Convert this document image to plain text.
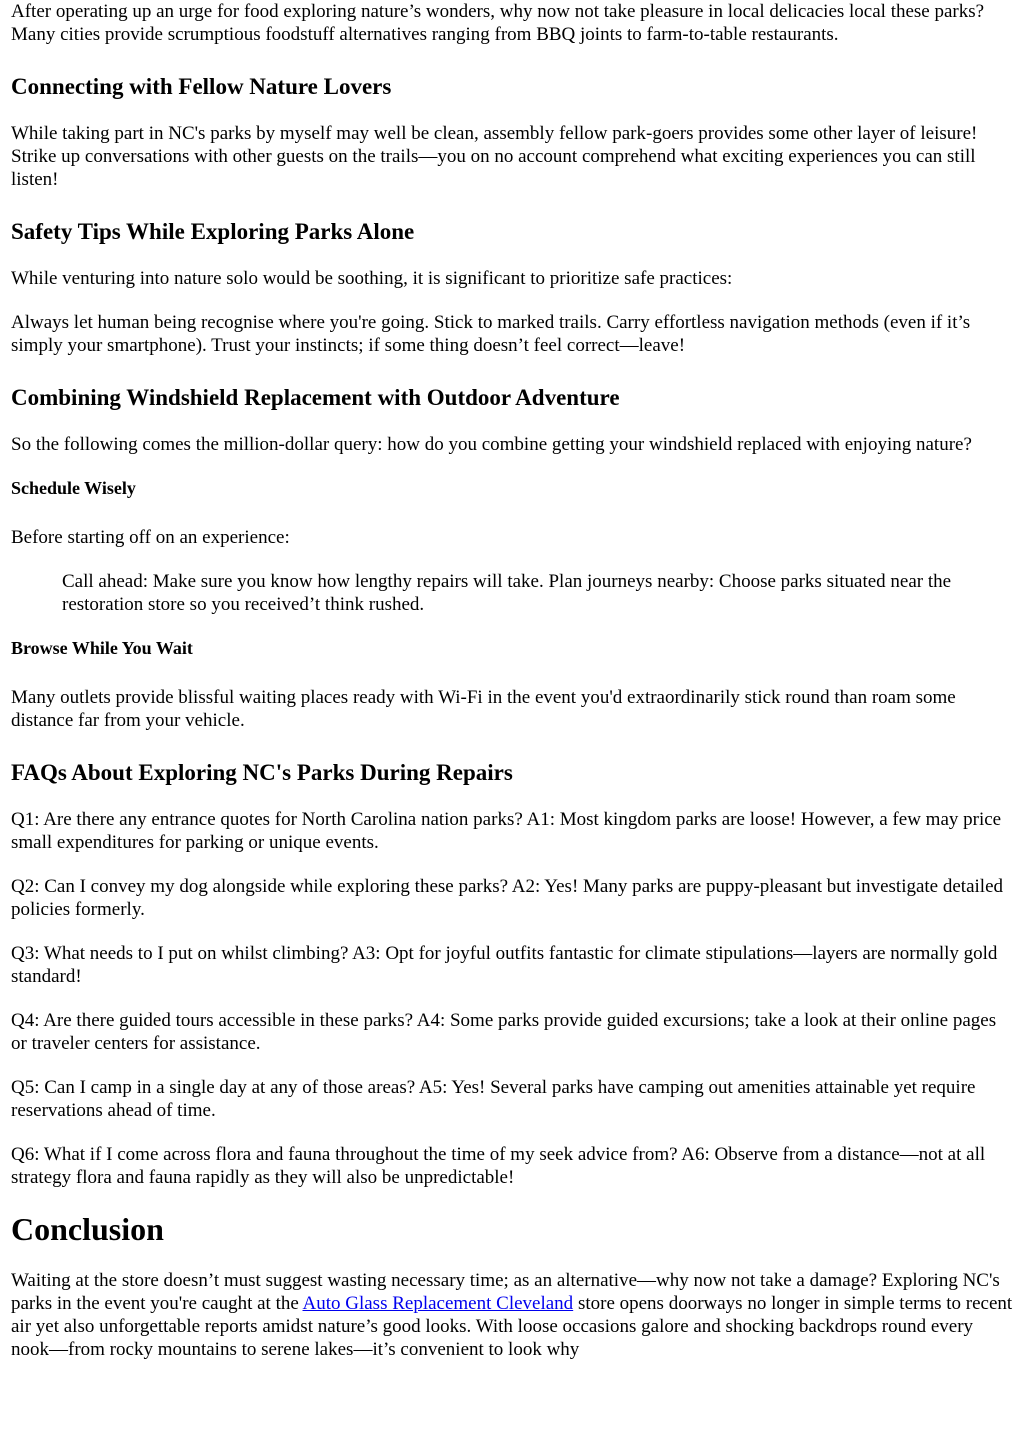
After operating up an urge for food exploring nature’s wonders, why now not take pleasure in local delicacies local these parks? Many cities provide scrumptious foodstuff alternatives ranging from BBQ joints to farm-to-table restaurants.

Connecting with Fellow Nature Lovers

While taking part in NC's parks by myself may well be clean, assembly fellow park-goers provides some other layer of leisure! Strike up conversations with other guests on the trails—you on no account comprehend what exciting experiences you can still listen!

Safety Tips While Exploring Parks Alone

While venturing into nature solo would be soothing, it is significant to prioritize safe practices:

Always let human being recognise where you're going. Stick to marked trails. Carry effortless navigation methods (even if it’s simply your smartphone). Trust your instincts; if some thing doesn’t feel correct—leave!

Combining Windshield Replacement with Outdoor Adventure

So the following comes the million-dollar query: how do you combine getting your windshield replaced with enjoying nature?

Schedule Wisely

Before starting off on an experience:

Call ahead: Make sure you know how lengthy repairs will take. Plan journeys nearby: Choose parks situated near the restoration store so you received’t think rushed.
Browse While You Wait

Many outlets provide blissful waiting places ready with Wi-Fi in the event you'd extraordinarily stick round than roam some distance far from your vehicle.

FAQs About Exploring NC's Parks During Repairs

Q1: Are there any entrance quotes for North Carolina nation parks? A1: Most kingdom parks are loose! However, a few may price small expenditures for parking or unique events.

Q2: Can I convey my dog alongside while exploring these parks? A2: Yes! Many parks are puppy-pleasant but investigate detailed policies formerly.

Q3: What needs to I put on whilst climbing? A3: Opt for joyful outfits fantastic for climate stipulations—layers are normally gold standard!

Q4: Are there guided tours accessible in these parks? A4: Some parks provide guided excursions; take a look at their online pages or traveler centers for assistance.

Q5: Can I camp in a single day at any of those areas? A5: Yes! Several parks have camping out amenities attainable yet require reservations ahead of time.

Q6: What if I come across flora and fauna throughout the time of my seek advice from? A6: Observe from a distance—not at all strategy flora and fauna rapidly as they will also be unpredictable!

Conclusion

Waiting at the store doesn’t must suggest wasting necessary time; as an alternative—why now not take a damage? Exploring NC's parks in the event you're caught at the Auto Glass Replacement Cleveland store opens doorways no longer in simple terms to recent air yet also unforgettable reports amidst nature’s good looks. With loose occasions galore and shocking backdrops round every nook—from rocky mountains to serene lakes—it’s convenient to look why
